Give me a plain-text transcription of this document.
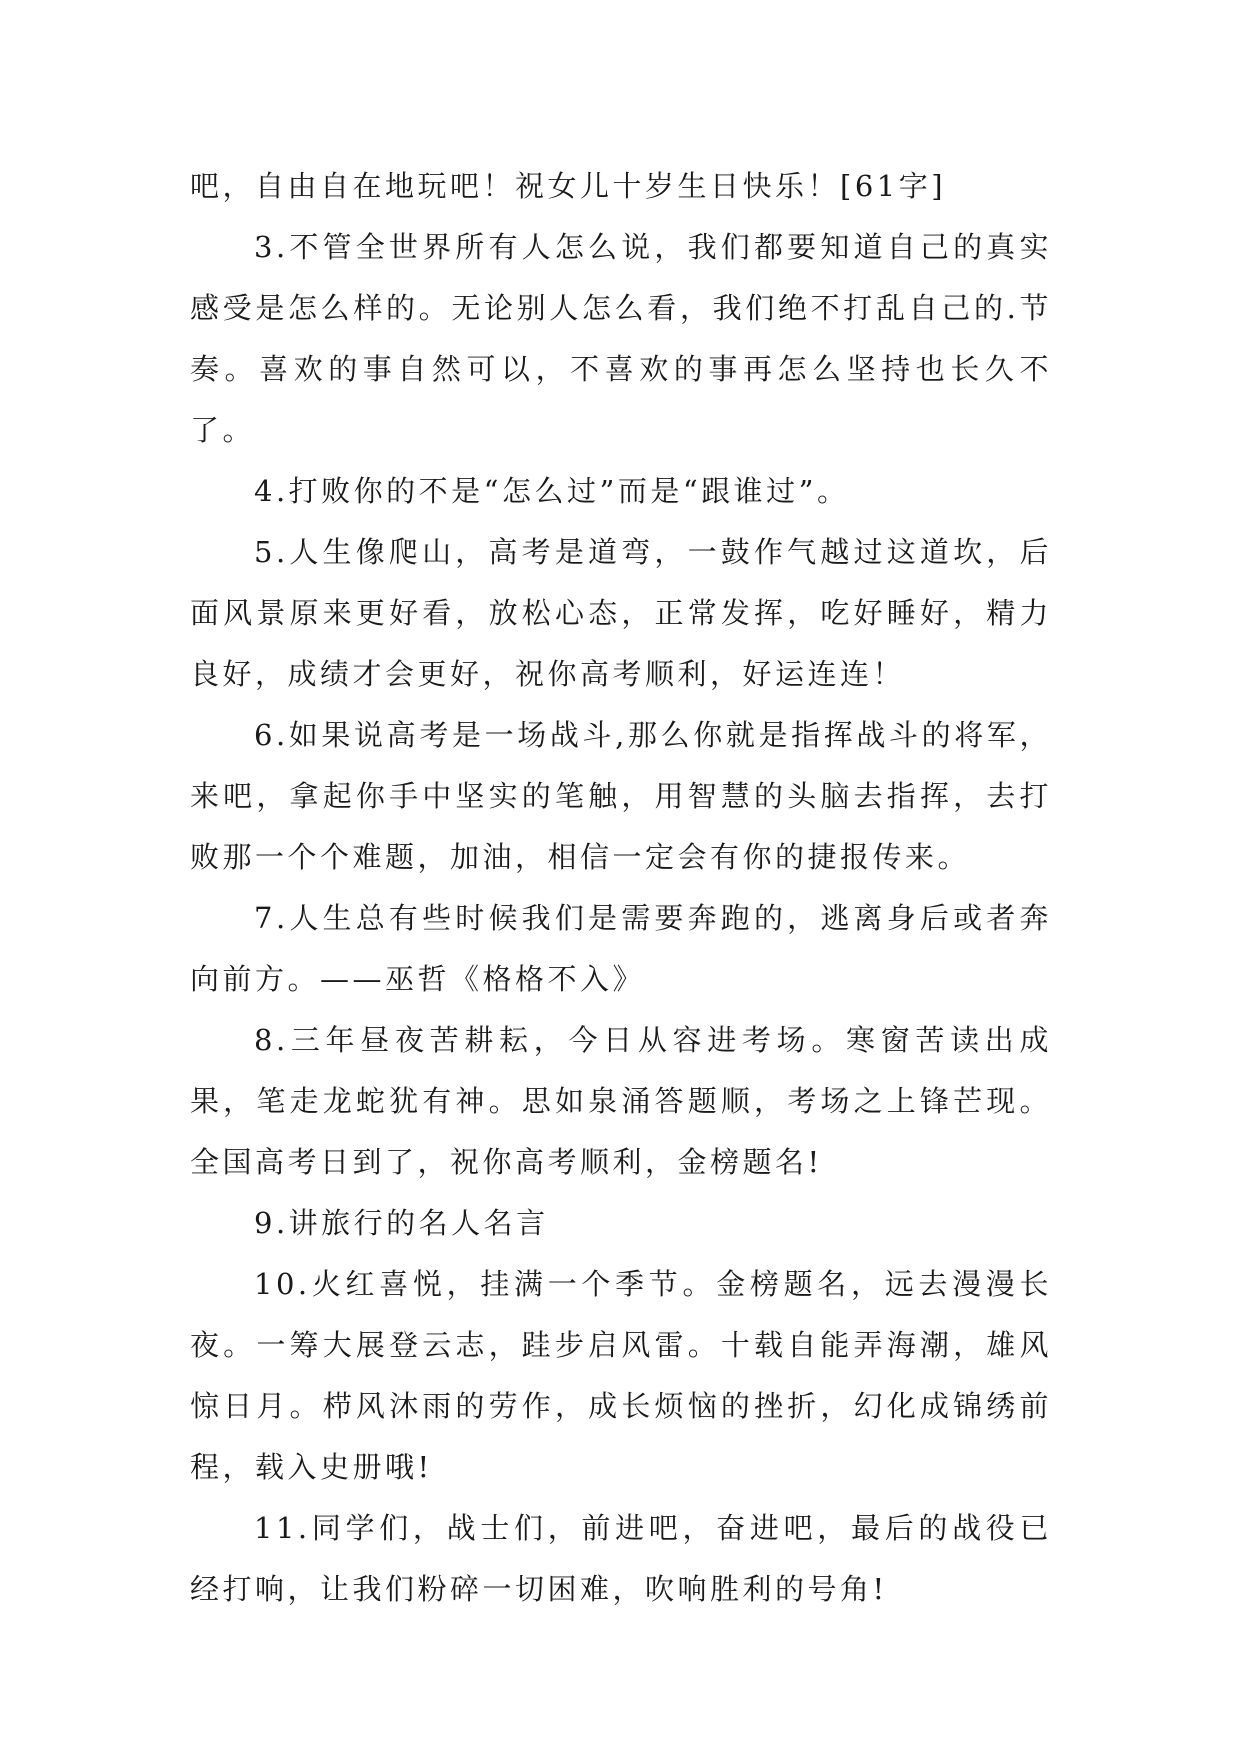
吧，自由自在地玩吧！祝女儿十岁生日快乐！[61字]

3.不管全世界所有人怎么说，我们都要知道自己的真实感受是怎么样的。无论别人怎么看，我们绝不打乱自己的.节奏。喜欢的事自然可以，不喜欢的事再怎么坚持也长久不了。

4.打败你的不是“怎么过”而是“跟谁过”。

5.人生像爬山，高考是道弯，一鼓作气越过这道坎，后面风景原来更好看，放松心态，正常发挥，吃好睡好，精力良好，成绩才会更好，祝你高考顺利，好运连连！

6.如果说高考是一场战斗,那么你就是指挥战斗的将军，来吧，拿起你手中坚实的笔触，用智慧的头脑去指挥，去打败那一个个难题，加油，相信一定会有你的捷报传来。

7.人生总有些时候我们是需要奔跑的，逃离身后或者奔向前方。——巫哲《格格不入》

8.三年昼夜苦耕耘，今日从容进考场。寒窗苦读出成果，笔走龙蛇犹有神。思如泉涌答题顺，考场之上锋芒现。全国高考日到了，祝你高考顺利，金榜题名!

9.讲旅行的名人名言

10.火红喜悦，挂满一个季节。金榜题名，远去漫漫长夜。一筹大展登云志，跬步启风雷。十载自能弄海潮，雄风惊日月。栉风沐雨的劳作，成长烦恼的挫折，幻化成锦绣前程，载入史册哦!

11.同学们，战士们，前进吧，奋进吧，最后的战役已经打响，让我们粉碎一切困难，吹响胜利的号角!
